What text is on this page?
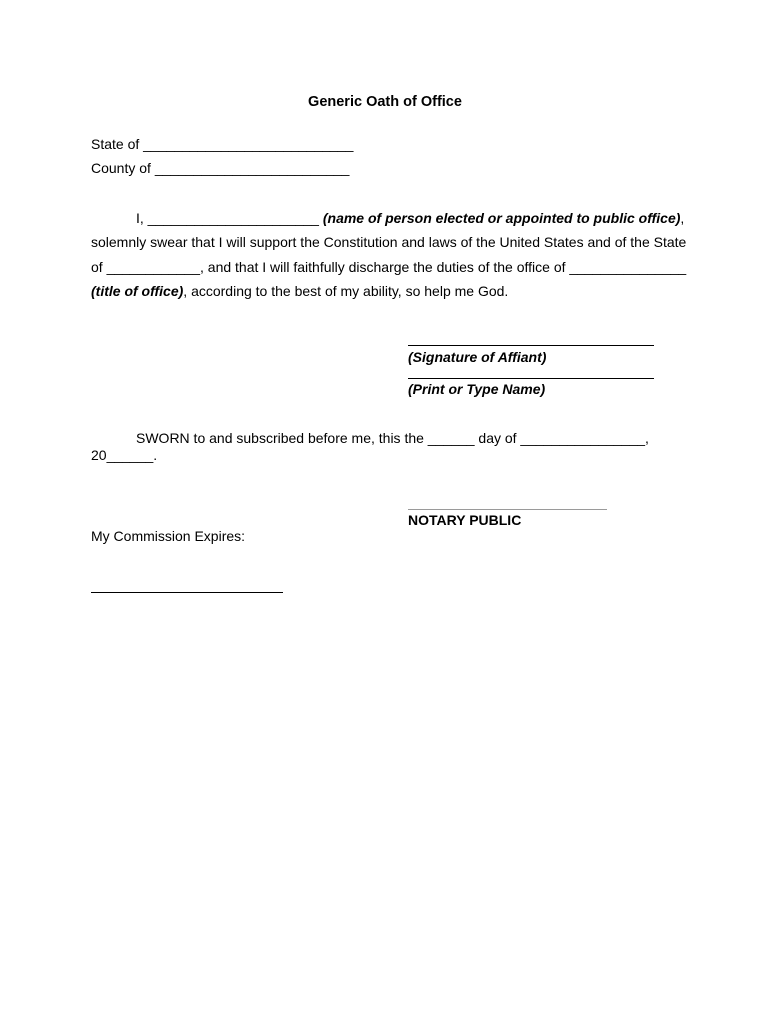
Generic Oath of Office
State of ___________________________
County of _________________________
I, ______________________ (name of person elected or appointed to public office),
solemnly swear that I will support the Constitution and laws of the United States and of the State
of ____________, and that I will faithfully discharge the duties of the office of _______________
(title of office), according to the best of my ability, so help me God.
(Signature of Affiant)
(Print or Type Name)
SWORN to and subscribed before me, this the ______ day of ________________,
20______.
NOTARY PUBLIC
My Commission Expires:
